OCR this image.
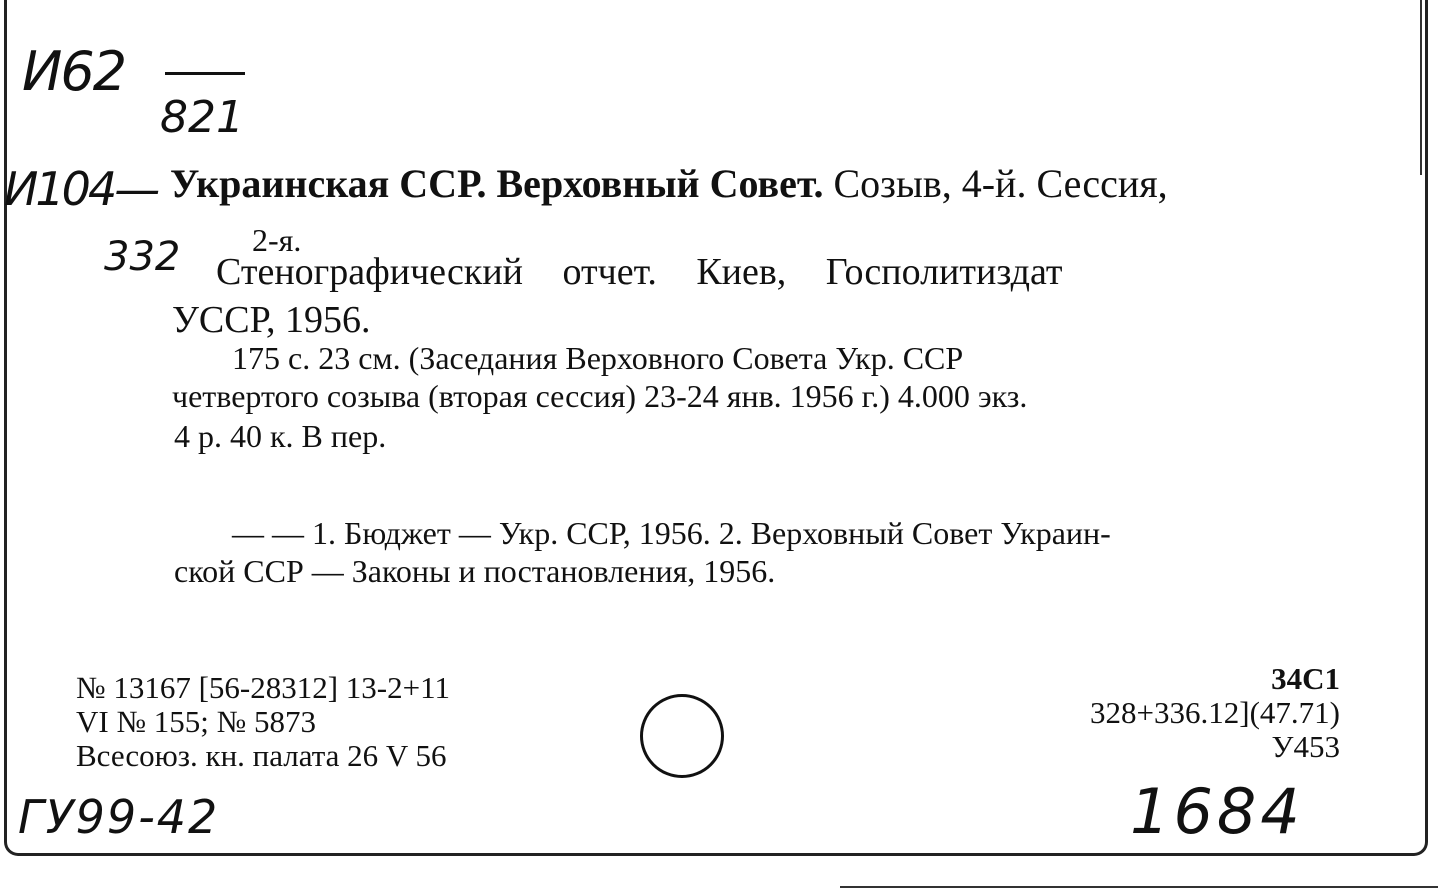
И62
821
И104—
332
Украинская ССР. Верховный Совет. Созыв, 4-й. Сессия,
2-я.
Стенографический отчет. Киев, Госполитиздат
УССР, 1956.
175 с. 23 см. (Заседания Верховного Совета Укр. ССР
четвертого созыва (вторая сессия) 23-24 янв. 1956 г.) 4.000 экз.
4 р. 40 к. В пер.
— — 1. Бюджет — Укр. ССР, 1956. 2. Верховный Совет Украин-
ской ССР — Законы и постановления, 1956.
№ 13167 [56-28312] 13-2+11
VI № 155; № 5873
Всесоюз. кн. палата 26 V 56
34С1
328+336.12](47.71)
У453
ГУ99-42	1684
